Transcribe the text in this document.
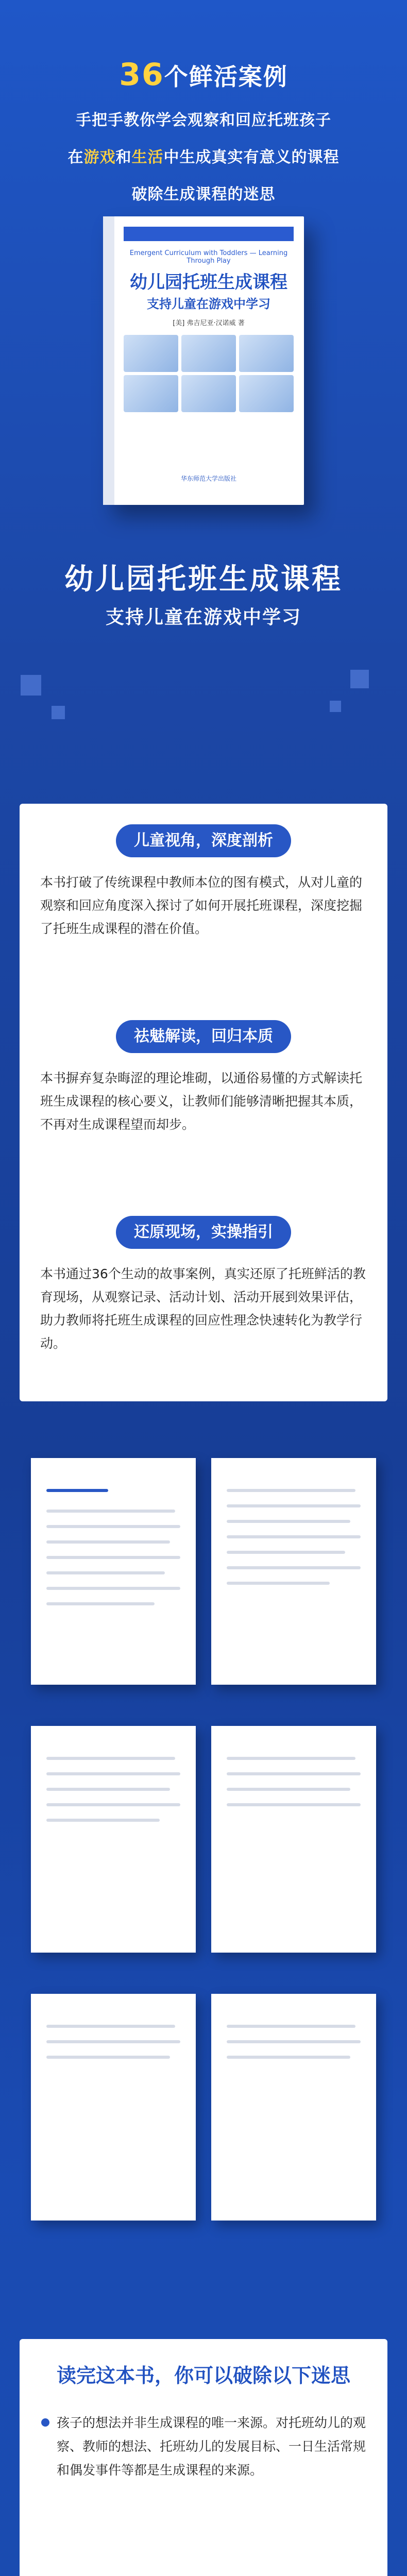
36个鲜活案例
手把手教你学会观察和回应托班孩子
在游戏和生活中生成真实有意义的课程
破除生成课程的迷思
Emergent Curriculum with Toddlers — Learning Through Play
幼儿园托班生成课程
支持儿童在游戏中学习
[美] 弗吉尼亚·汉诺威 著
华东师范大学出版社
幼儿园托班生成课程
支持儿童在游戏中学习
儿童视角，深度剖析
本书打破了传统课程中教师本位的图有模式，从对儿童的观察和回应角度深入探讨了如何开展托班课程，深度挖掘了托班生成课程的潜在价值。
祛魅解读，回归本质
本书摒弃复杂晦涩的理论堆砌，以通俗易懂的方式解读托班生成课程的核心要义，让教师们能够清晰把握其本质，不再对生成课程望而却步。
还原现场，实操指引
本书通过36个生动的故事案例，真实还原了托班鲜活的教育现场，从观察记录、活动计划、活动开展到效果评估，助力教师将托班生成课程的回应性理念快速转化为教学行动。
读完这本书，你可以破除以下迷思
孩子的想法并非生成课程的唯一来源。对托班幼儿的观察、教师的想法、托班幼儿的发展目标、一日生活常规和偶发事件等都是生成课程的来源。
